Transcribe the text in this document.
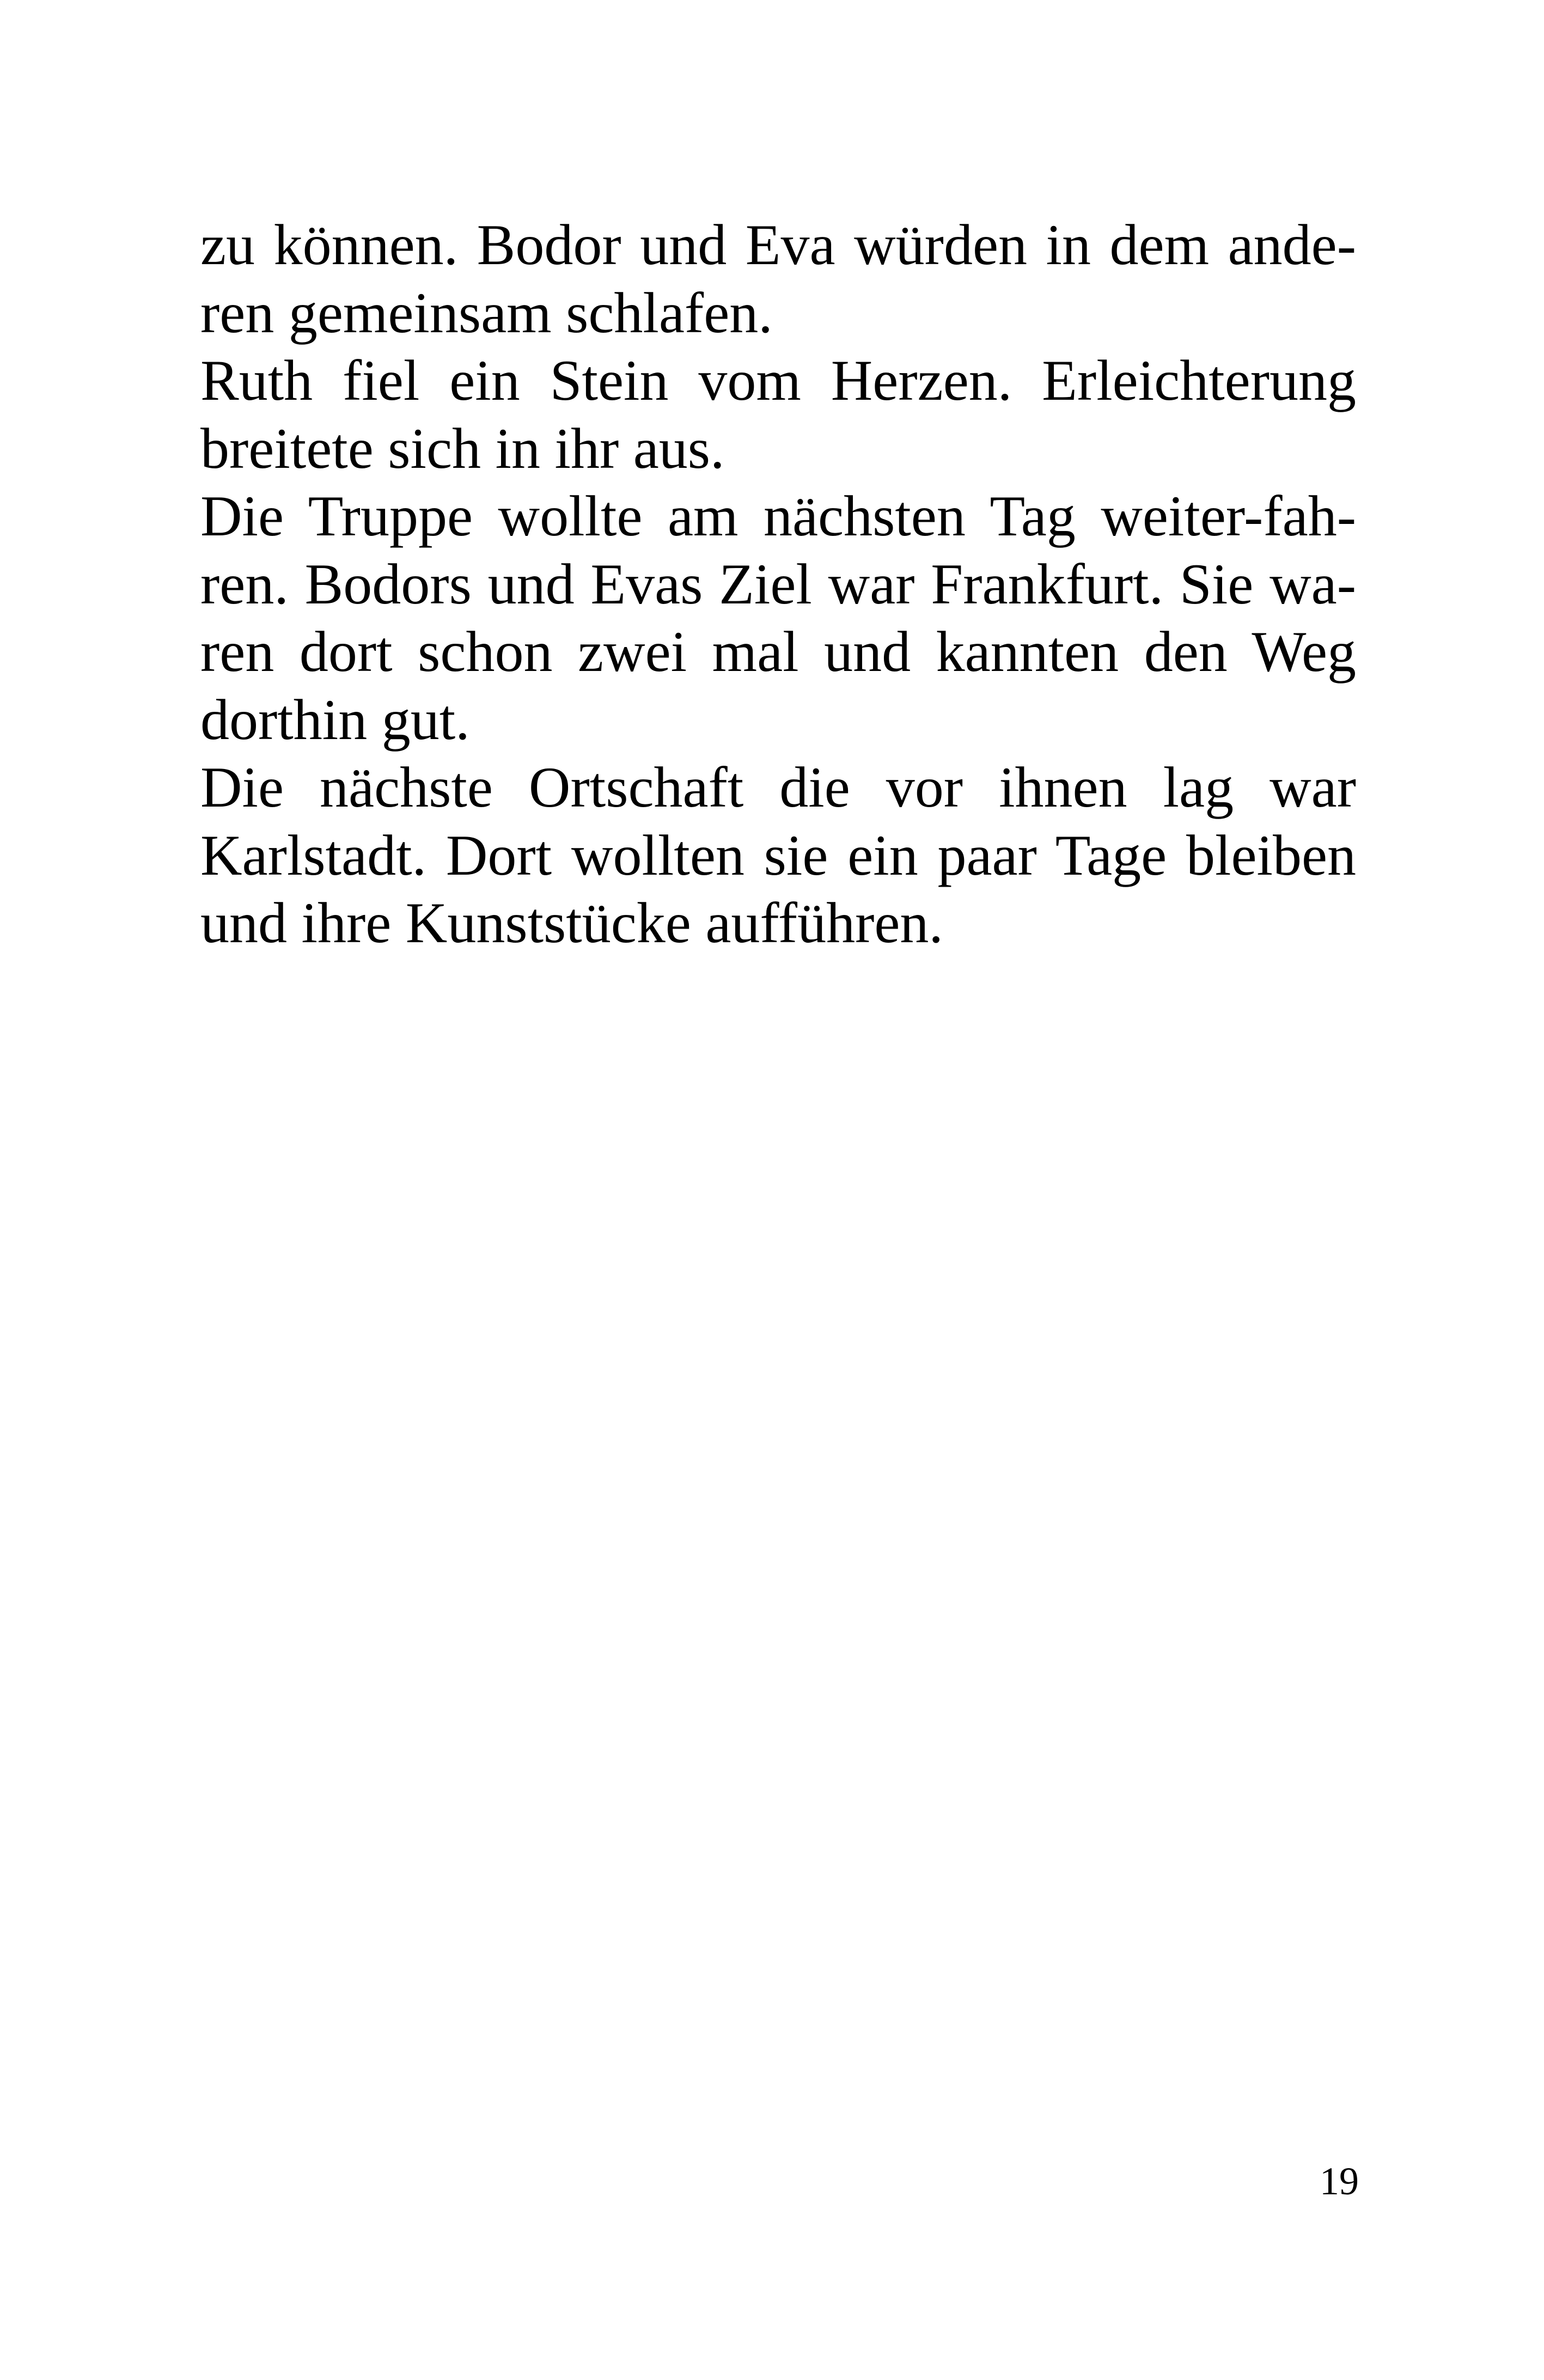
zu können. Bodor und Eva würden in dem ande-
ren gemeinsam schlafen.
Ruth fiel ein Stein vom Herzen. Erleichterung
breitete sich in ihr aus.
Die Truppe wollte am nächsten Tag weiter-fah-
ren. Bodors und Evas Ziel war Frankfurt. Sie wa-
ren dort schon zwei mal und kannten den Weg
dorthin gut.
Die nächste Ortschaft die vor ihnen lag war
Karlstadt. Dort wollten sie ein paar Tage bleiben
und ihre Kunststücke aufführen.
19
